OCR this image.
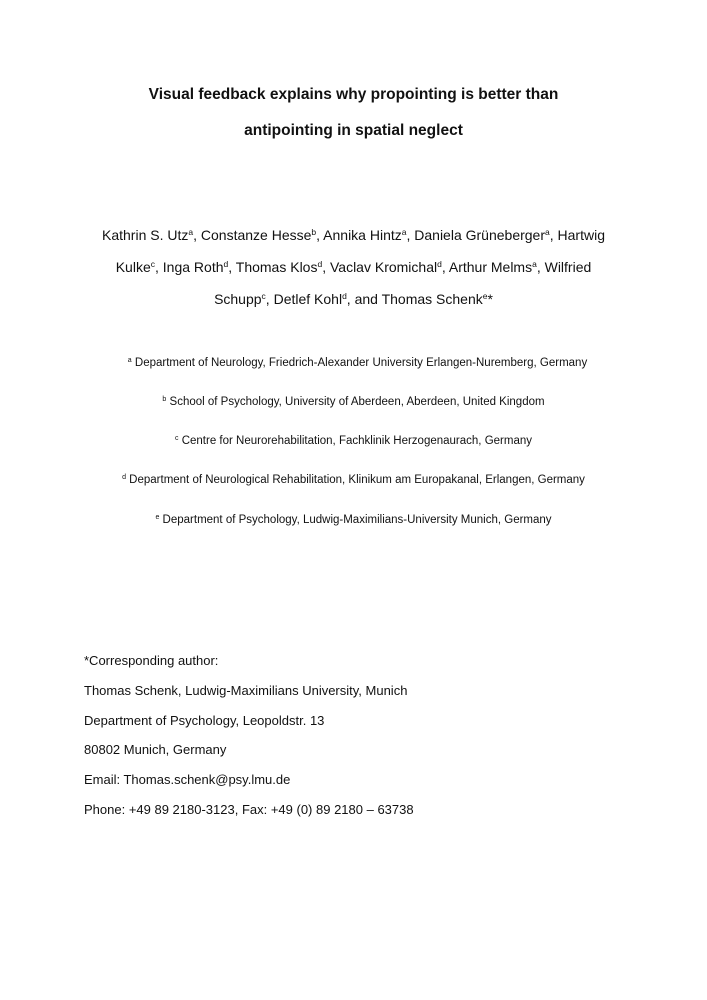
Visual feedback explains why propointing is better than
antipointing in spatial neglect
Kathrin S. Utz$^a$, Constanze Hesse$^b$, Annika Hintz$^a$, Daniela Grüneberger$^a$, Hartwig
Kulke$^c$, Inga Roth$^d$, Thomas Klos$^d$, Vaclav Kromichal$^d$, Arthur Melms$^a$, Wilfried
Schupp$^c$, Detlef Kohl$^d$, and Thomas Schenk$^e$*
$^a$ Department of Neurology, Friedrich-Alexander University Erlangen-Nuremberg, Germany
$^b$ School of Psychology, University of Aberdeen, Aberdeen, United Kingdom
$^c$ Centre for Neurorehabilitation, Fachklinik Herzogenaurach, Germany
$^d$ Department of Neurological Rehabilitation, Klinikum am Europakanal, Erlangen, Germany
$^e$ Department of Psychology, Ludwig-Maximilians-University Munich, Germany
*Corresponding author:
Thomas Schenk, Ludwig-Maximilians University, Munich
Department of Psychology, Leopoldstr. 13
80802 Munich, Germany
Email: Thomas.schenk@psy.lmu.de
Phone: +49 89 2180-3123, Fax: +49 (0) 89 2180 – 63738
